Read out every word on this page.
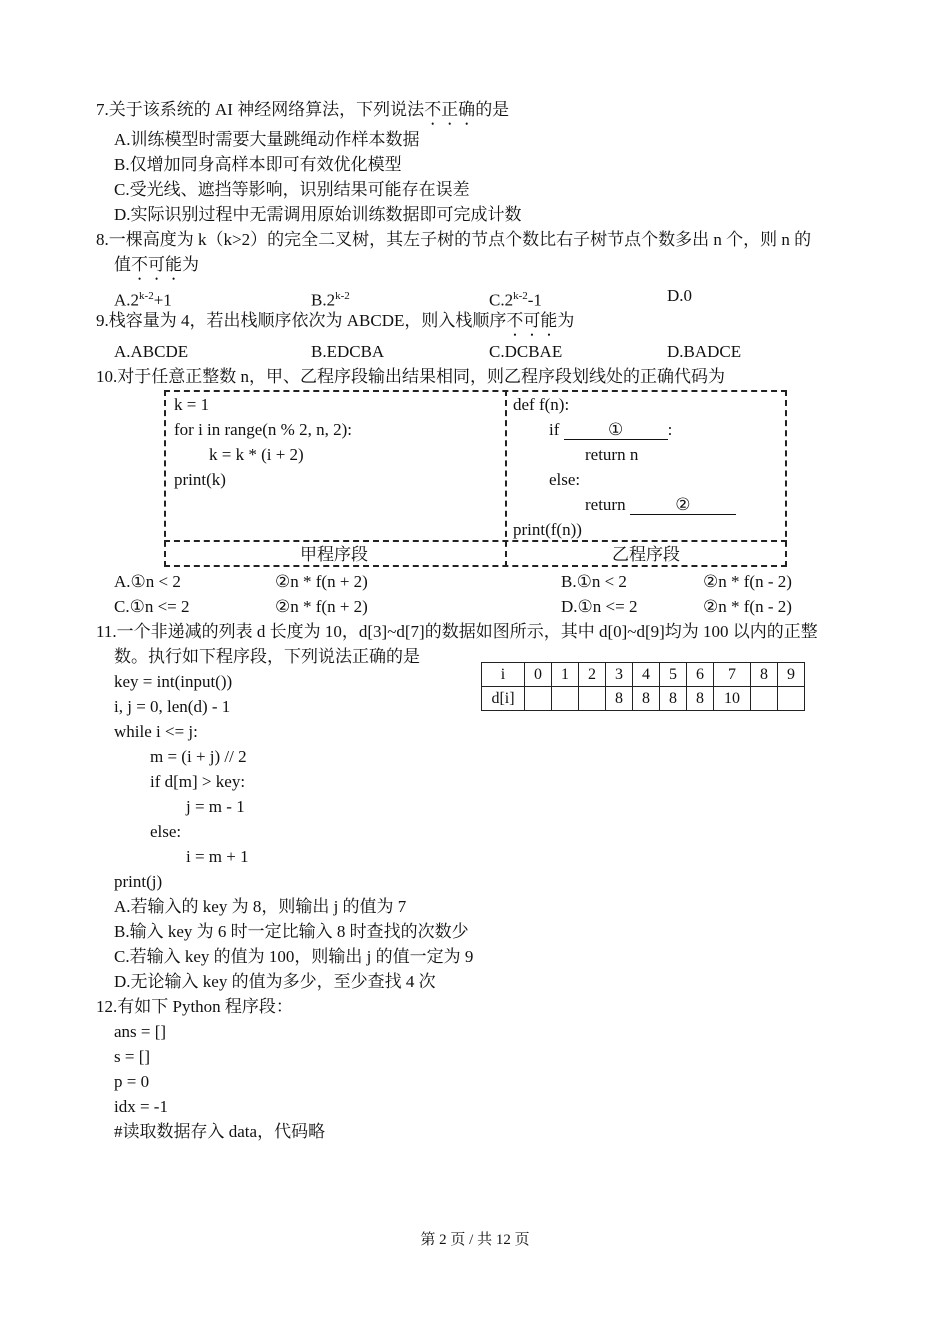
7.关于该系统的 AI 神经网络算法，下列说法不正确的是
A.训练模型时需要大量跳绳动作样本数据
B.仅增加同身高样本即可有效优化模型
C.受光线、遮挡等影响，识别结果可能存在误差
D.实际识别过程中无需调用原始训练数据即可完成计数
8.一棵高度为 k（k>2）的完全二叉树，其左子树的节点个数比右子树节点个数多出 n 个，则 n 的
值不可能为
$A.2^{k-2}+1$	B.2$^{k-2}$	C.2$^{k-2}$-1	D.0
9.栈容量为 4，若出栈顺序依次为 ABCDE，则入栈顺序不可能为
A.ABCDE	B.EDCBA	C.DCBAE	D.BADCE
10.对于任意正整数 n，甲、乙程序段输出结果相同，则乙程序段划线处的正确代码为
k = 1
for i in range(n % 2, n, 2):
k = k * (i + 2)
print(k)
甲程序段
def f(n):
if	①	:
return n
else:
return	②
print(f(n))
乙程序段
A.①n < 2	②n * f(n + 2)	B.①n < 2	②n * f(n - 2)
C.①n <= 2	②n * f(n + 2)	D.①n <= 2	②n * f(n - 2)
11.一个非递减的列表 d 长度为 10，d[3]~d[7]的数据如图所示，其中 d[0]~d[9]均为 100 以内的正整
数。执行如下程序段，下列说法正确的是
i	0	1	2	3	4	5	6	7	8	9
d[i]				8	8	8	8	10		
key = int(input())
i, j = 0, len(d) - 1
while i <= j:
m = (i + j) // 2
if d[m] > key:
j = m - 1
else:
i = m + 1
print(j)
A.若输入的 key 为 8，则输出 j 的值为 7
B.输入 key 为 6 时一定比输入 8 时查找的次数少
C.若输入 key 的值为 100，则输出 j 的值一定为 9
D.无论输入 key 的值为多少，至少查找 4 次
12.有如下 Python 程序段：
ans = []
s = []
p = 0
idx = -1
#读取数据存入 data，代码略
第 2 页 / 共 12 页
